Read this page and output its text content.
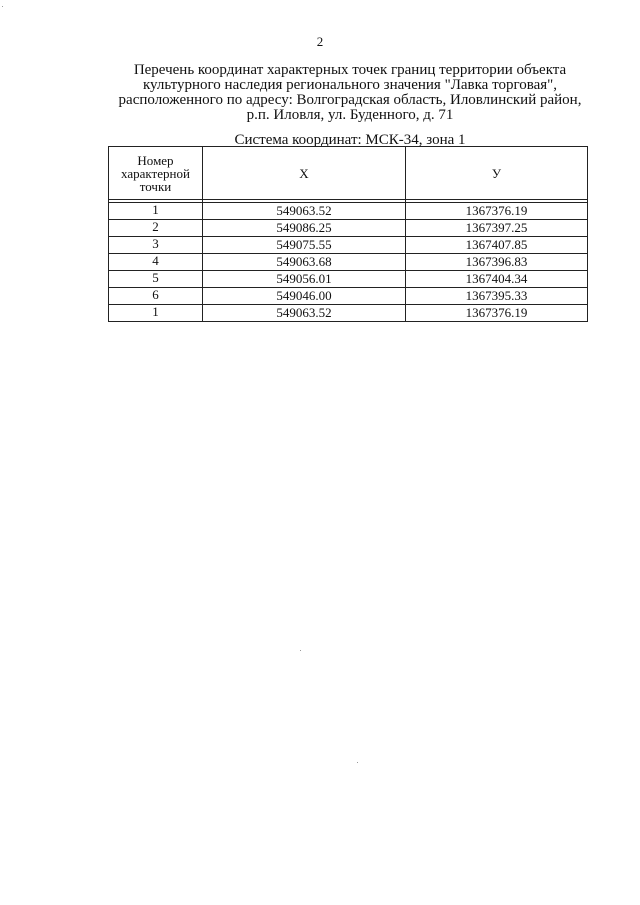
2
Перечень координат характерных точек границ территории объекта
культурного наследия регионального значения "Лавка торговая",
расположенного по адресу: Волгоградская область, Иловлинский район,
р.п. Иловля, ул. Буденного, д. 71
Система координат: МСК-34, зона 1
Номер
характерной
точки	X	У

1	549063.52	1367376.19
2	549086.25	1367397.25
3	549075.55	1367407.85
4	549063.68	1367396.83
5	549056.01	1367404.34
6	549046.00	1367395.33
1	549063.52	1367376.19
